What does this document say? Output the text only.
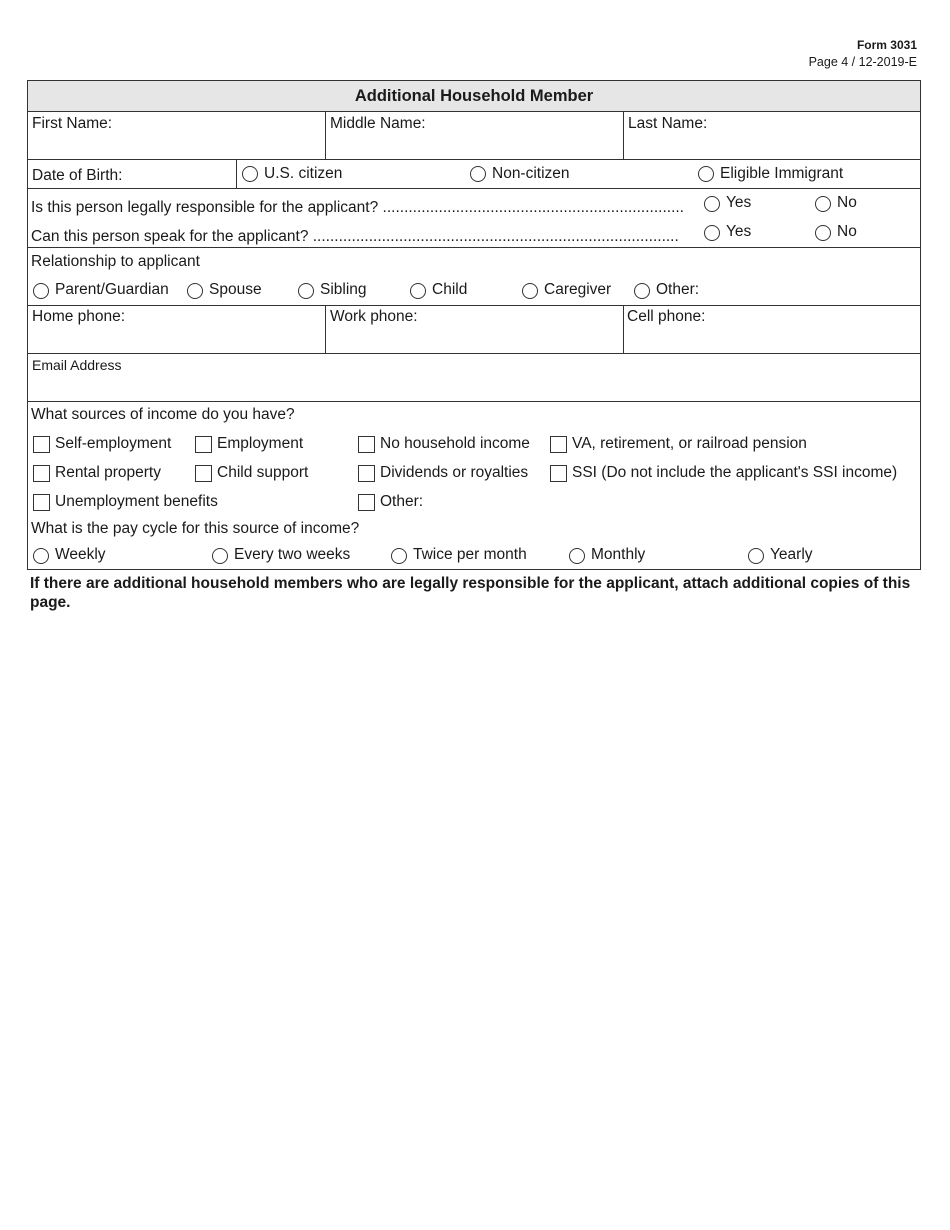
Form 3031
Page 4 / 12-2019-E
Additional Household Member
First Name:	Middle Name:	Last Name:
Date of Birth:	U.S. citizen	Non-citizen	Eligible Immigrant
Is this person legally responsible for the applicant? ......................................................................	Yes	No
Can this person speak for the applicant? .....................................................................................	Yes	No
Relationship to applicant
Parent/Guardian	Spouse	Sibling	Child	Caregiver	Other:
Home phone:	Work phone:	Cell phone:
Email Address
What sources of income do you have?
Self-employment	Employment	No household income	VA, retirement, or railroad pension
Rental property	Child support	Dividends or royalties	SSI (Do not include the applicant's SSI income)
Unemployment benefits	Other:
What is the pay cycle for this source of income?
Weekly	Every two weeks	Twice per month	Monthly	Yearly
If there are additional household members who are legally responsible for the applicant, attach additional copies of this page.
